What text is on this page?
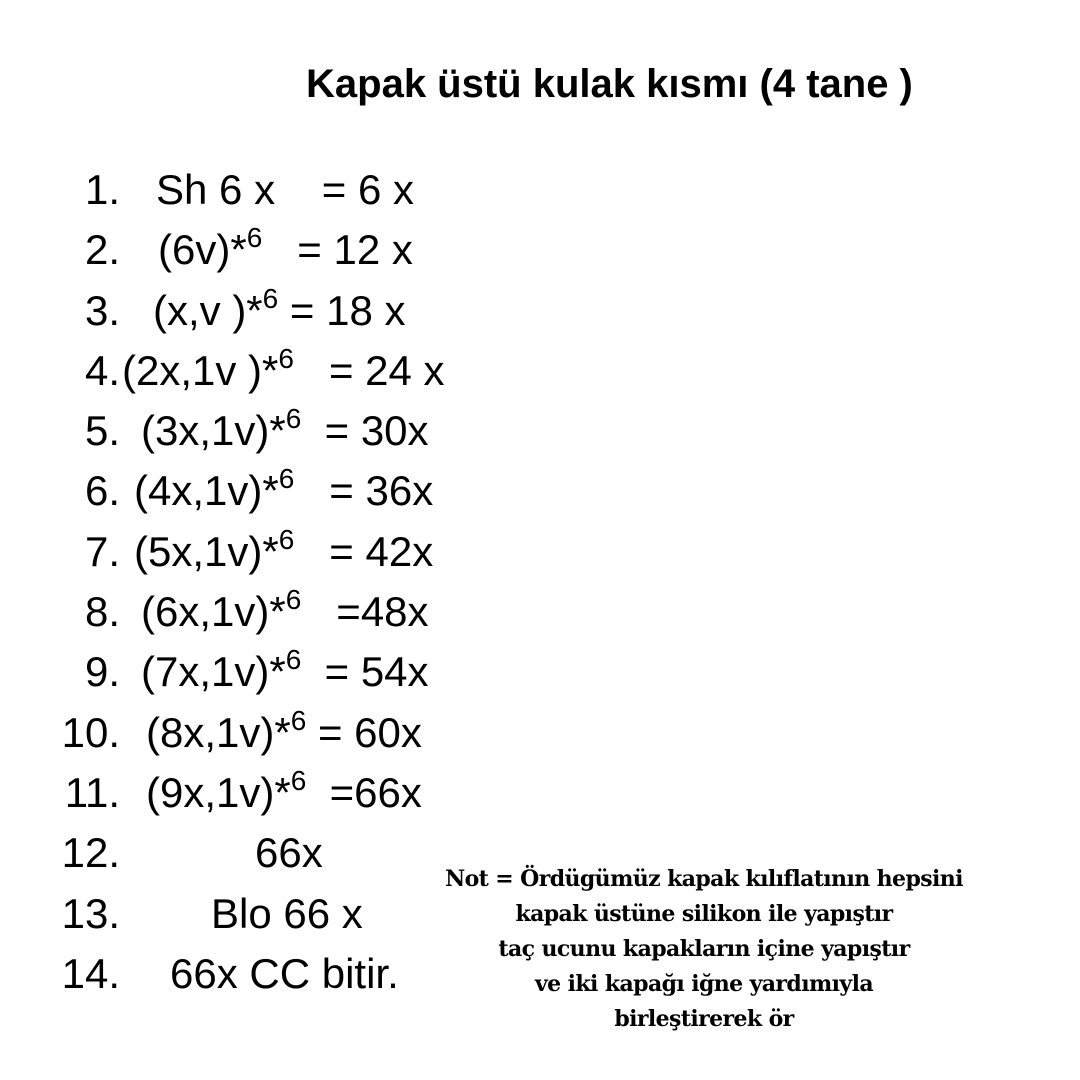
Kapak üstü kulak kısmı (4 tane )
1. Sh 6 x    = 6 x
2. (6v)*$^6$   = 12 x
3. (x,v )*$^6$ = 18 x
4. (2x,1v )*$^6$   = 24 x
5. (3x,1v)*$^6$  = 30x
6. (4x,1v)*$^6$   = 36x
7. (5x,1v)*$^6$   = 42x
8. (6x,1v)*$^6$   =48x
9. (7x,1v)*$^6$  = 54x
10. (8x,1v)*$^6$ = 60x
11. (9x,1v)*$^6$  =66x
12.	66x
13. Blo 66 x
14. 66x CC bitir.
Not = Ördügümüz kapak kılıflatının hepsini
kapak üstüne silikon ile yapıştır
taç ucunu kapakların içine yapıştır
ve iki kapağı iğne yardımıyla
birleştirerek ör
